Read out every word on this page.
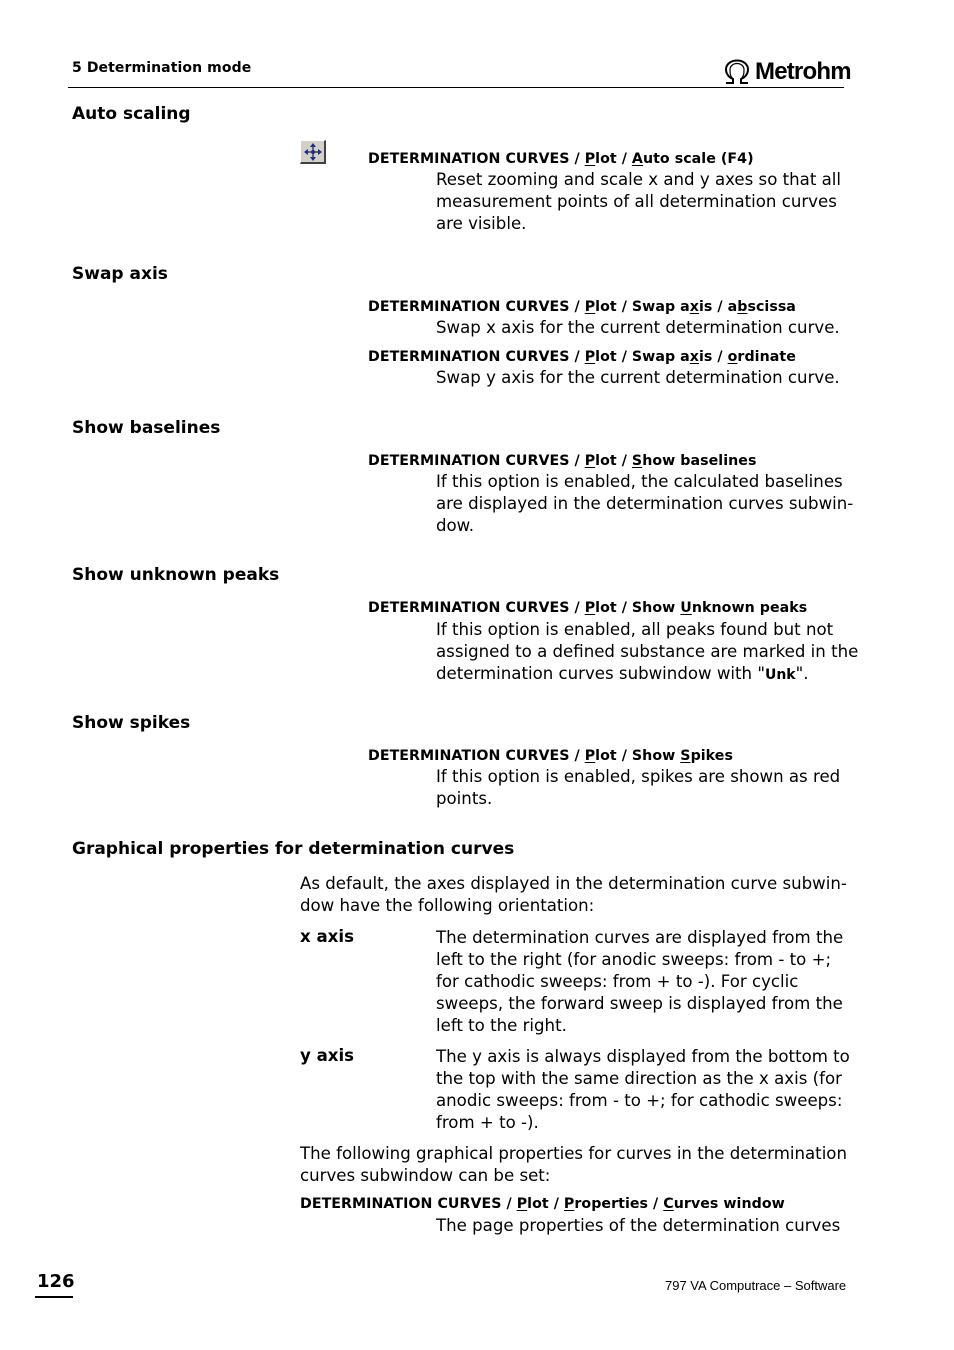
5 Determination mode	Metrohm
Auto scaling
DETERMINATION CURVES / Plot / Auto scale (F4)
Reset zooming and scale x and y axes so that all
measurement points of all determination curves
are visible.
Swap axis
DETERMINATION CURVES / Plot / Swap axis / abscissa
Swap x axis for the current determination curve.
DETERMINATION CURVES / Plot / Swap axis / ordinate
Swap y axis for the current determination curve.
Show baselines
DETERMINATION CURVES / Plot / Show baselines
If this option is enabled, the calculated baselines
are displayed in the determination curves subwin-
dow.
Show unknown peaks
DETERMINATION CURVES / Plot / Show Unknown peaks
If this option is enabled, all peaks found but not
assigned to a defined substance are marked in the
determination curves subwindow with "Unk".
Show spikes
DETERMINATION CURVES / Plot / Show Spikes
If this option is enabled, spikes are shown as red
points.
Graphical properties for determination curves
As default, the axes displayed in the determination curve subwin-
dow have the following orientation:
x axis	The determination curves are displayed from the
left to the right (for anodic sweeps: from - to +;
for cathodic sweeps: from + to -). For cyclic
sweeps, the forward sweep is displayed from the
left to the right.
y axis	The y axis is always displayed from the bottom to
the top with the same direction as the x axis (for
anodic sweeps: from - to +; for cathodic sweeps:
from + to -).
The following graphical properties for curves in the determination
curves subwindow can be set:
DETERMINATION CURVES / Plot / Properties / Curves window
The page properties of the determination curves
126	797 VA Computrace – Software
